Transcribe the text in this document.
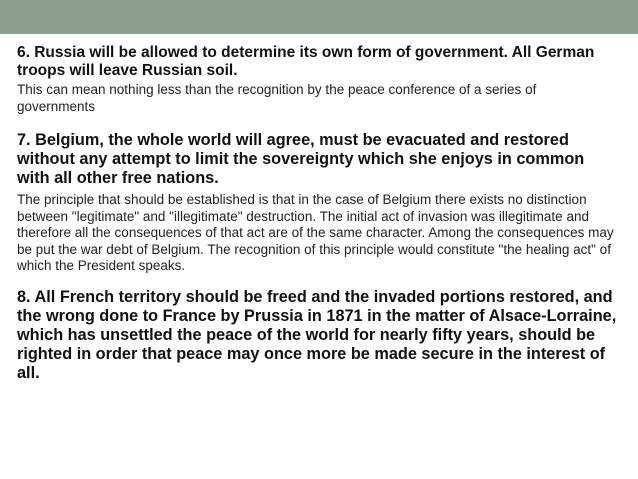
6. Russia will be allowed to determine its own form of government. All German troops will leave Russian soil.

This can mean nothing less than the recognition by the peace conference of a series of governments

7. Belgium, the whole world will agree, must be evacuated and restored without any attempt to limit the sovereignty which she enjoys in common with all other free nations.

The principle that should be established is that in the case of Belgium there exists no distinction between "legitimate" and "illegitimate" destruction. The initial act of invasion was illegitimate and therefore all the consequences of that act are of the same character. Among the consequences may be put the war debt of Belgium. The recognition of this principle would constitute "the healing act" of which the President speaks.

8. All French territory should be freed and the invaded portions restored, and the wrong done to France by Prussia in 1871 in the matter of Alsace-Lorraine, which has unsettled the peace of the world for nearly fifty years, should be righted in order that peace may once more be made secure in the interest of all.
